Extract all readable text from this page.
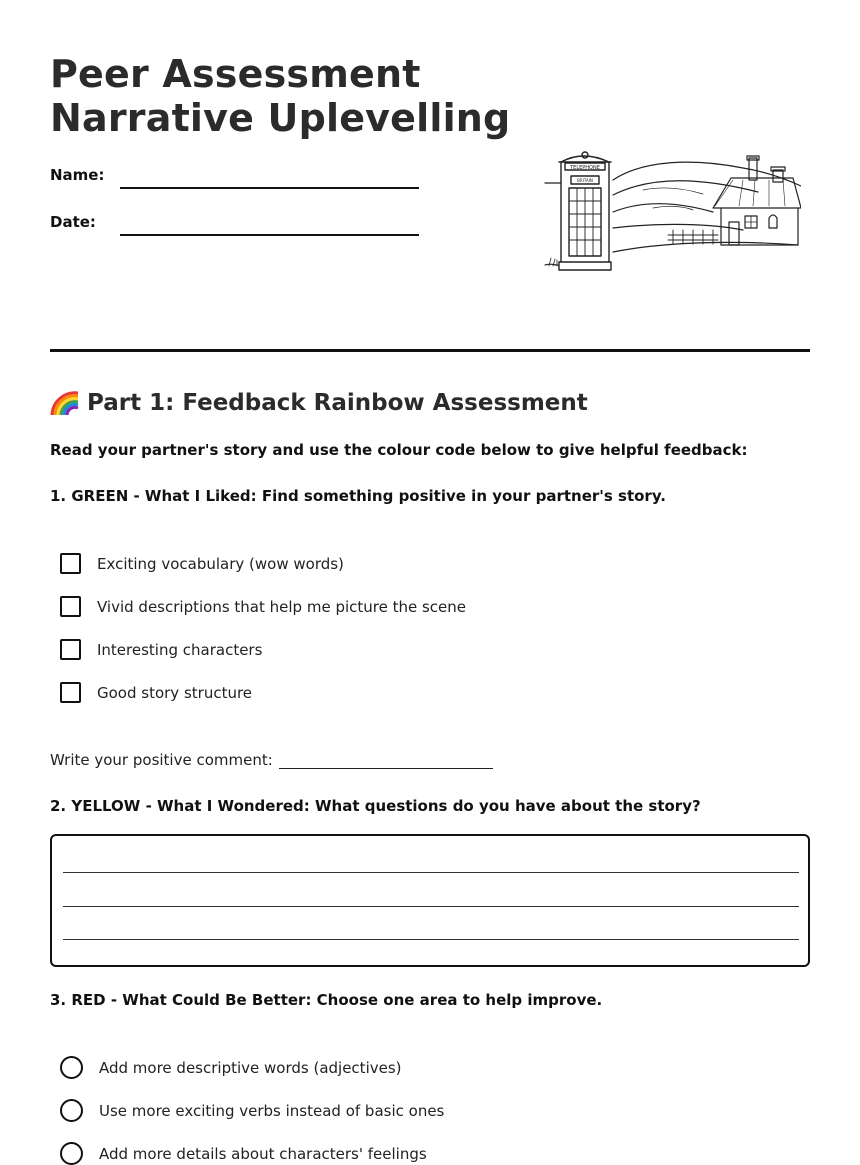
Peer Assessment
Narrative Uplevelling
Name:
Date:
TELEPHONE
BRITAIN
Part 1: Feedback Rainbow Assessment
Read your partner's story and use the colour code below to give helpful feedback:
1. GREEN - What I Liked: Find something positive in your partner's story.
Exciting vocabulary (wow words)
Vivid descriptions that help me picture the scene
Interesting characters
Good story structure
Write your positive comment:
2. YELLOW - What I Wondered: What questions do you have about the story?
3. RED - What Could Be Better: Choose one area to help improve.
Add more descriptive words (adjectives)
Use more exciting verbs instead of basic ones
Add more details about characters' feelings
